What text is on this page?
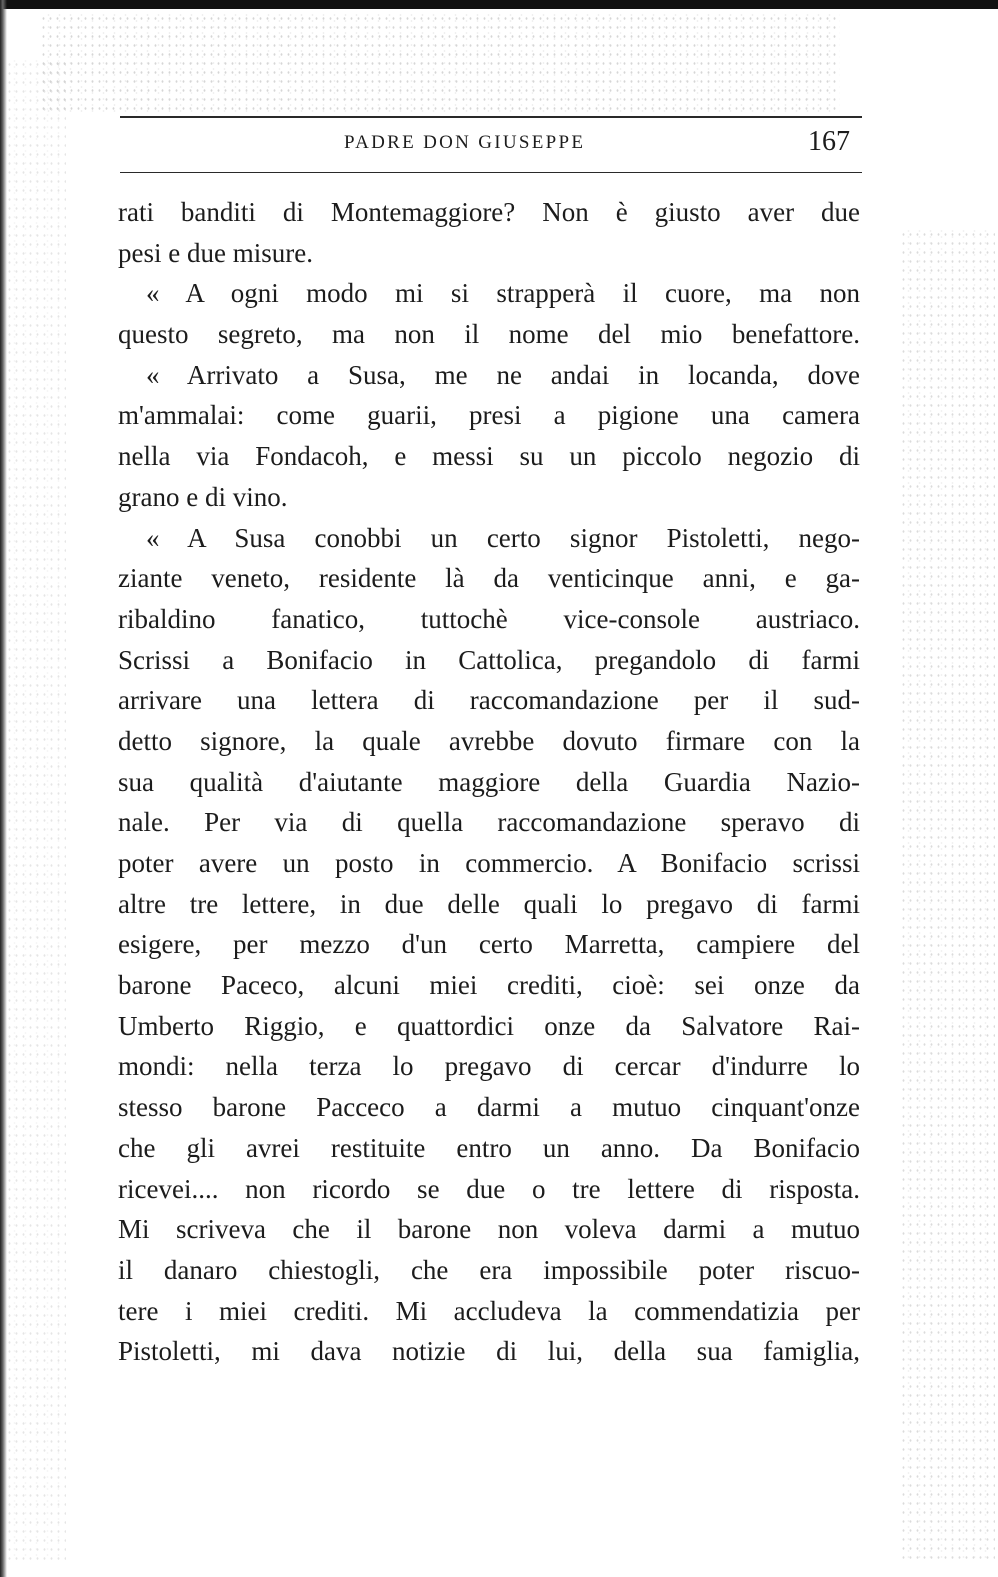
PADRE DON GIUSEPPE	167
rati banditi di Montemaggiore? Non è giusto aver due
pesi e due misure.
« A ogni modo mi si strapperà il cuore, ma non
questo segreto, ma non il nome del mio benefattore.
« Arrivato a Susa, me ne andai in locanda, dove
m'ammalai: come guarii, presi a pigione una camera
nella via Fondacoh, e messi su un piccolo negozio di
grano e di vino.
« A Susa conobbi un certo signor Pistoletti, nego-
ziante veneto, residente là da venticinque anni, e ga-
ribaldino fanatico, tuttochè vice-console austriaco.
Scrissi a Bonifacio in Cattolica, pregandolo di farmi
arrivare una lettera di raccomandazione per il sud-
detto signore, la quale avrebbe dovuto firmare con la
sua qualità d'aiutante maggiore della Guardia Nazio-
nale. Per via di quella raccomandazione speravo di
poter avere un posto in commercio. A Bonifacio scrissi
altre tre lettere, in due delle quali lo pregavo di farmi
esigere, per mezzo d'un certo Marretta, campiere del
barone Paceco, alcuni miei crediti, cioè: sei onze da
Umberto Riggio, e quattordici onze da Salvatore Rai-
mondi: nella terza lo pregavo di cercar d'indurre lo
stesso barone Pacceco a darmi a mutuo cinquant'onze
che gli avrei restituite entro un anno. Da Bonifacio
ricevei.... non ricordo se due o tre lettere di risposta.
Mi scriveva che il barone non voleva darmi a mutuo
il danaro chiestogli, che era impossibile poter riscuo-
tere i miei crediti. Mi accludeva la commendatizia per
Pistoletti, mi dava notizie di lui, della sua famiglia,
